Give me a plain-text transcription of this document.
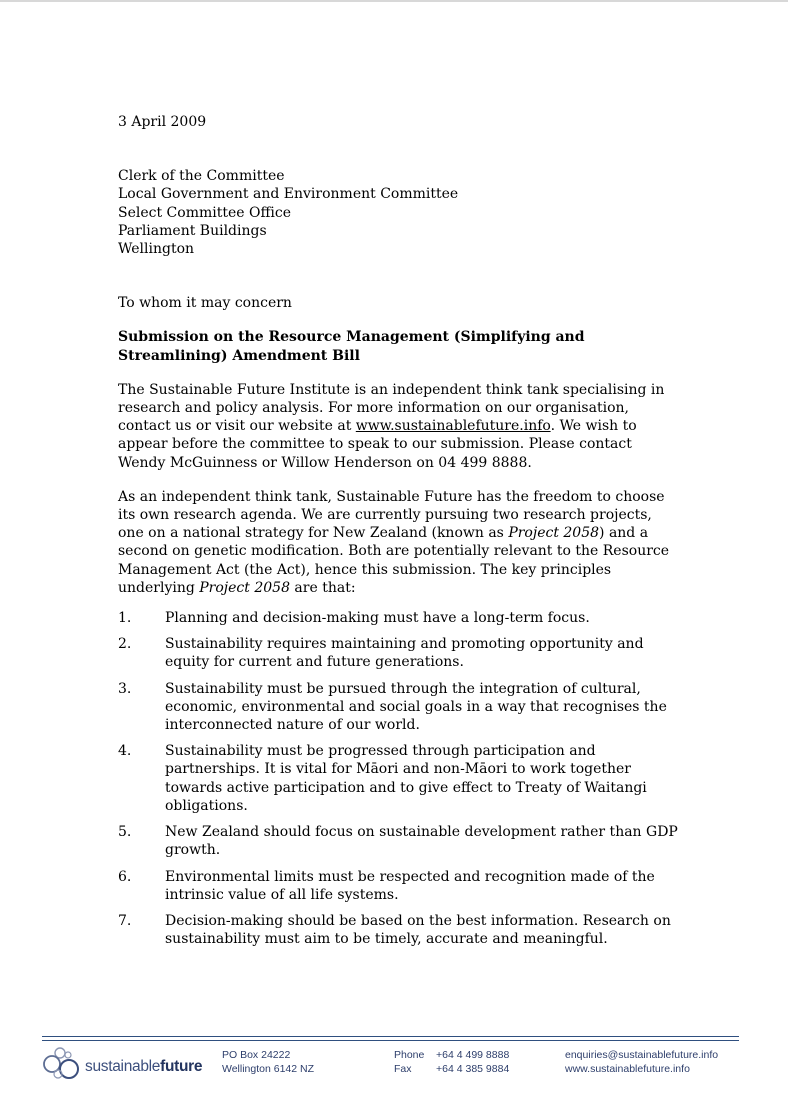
3 April 2009
Clerk of the Committee
Local Government and Environment Committee
Select Committee Office
Parliament Buildings
Wellington
To whom it may concern
Submission on the Resource Management (Simplifying and Streamlining) Amendment Bill
The Sustainable Future Institute is an independent think tank specialising in research and policy analysis. For more information on our organisation, contact us or visit our website at www.sustainablefuture.info. We wish to appear before the committee to speak to our submission. Please contact Wendy McGuinness or Willow Henderson on 04 499 8888.
As an independent think tank, Sustainable Future has the freedom to choose its own research agenda. We are currently pursuing two research projects, one on a national strategy for New Zealand (known as Project 2058) and a second on genetic modification. Both are potentially relevant to the Resource Management Act (the Act), hence this submission. The key principles underlying Project 2058 are that:
1. Planning and decision-making must have a long-term focus.
2. Sustainability requires maintaining and promoting opportunity and equity for current and future generations.
3. Sustainability must be pursued through the integration of cultural, economic, environmental and social goals in a way that recognises the interconnected nature of our world.
4. Sustainability must be progressed through participation and partnerships. It is vital for Māori and non-Māori to work together towards active participation and to give effect to Treaty of Waitangi obligations.
5. New Zealand should focus on sustainable development rather than GDP growth.
6. Environmental limits must be respected and recognition made of the intrinsic value of all life systems.
7. Decision-making should be based on the best information. Research on sustainability must aim to be timely, accurate and meaningful.
sustainablefuture
PO Box 24222
Wellington 6142 NZ
Phone
Fax
+64 4 499 8888
+64 4 385 9884
enquiries@sustainablefuture.info
www.sustainablefuture.info
